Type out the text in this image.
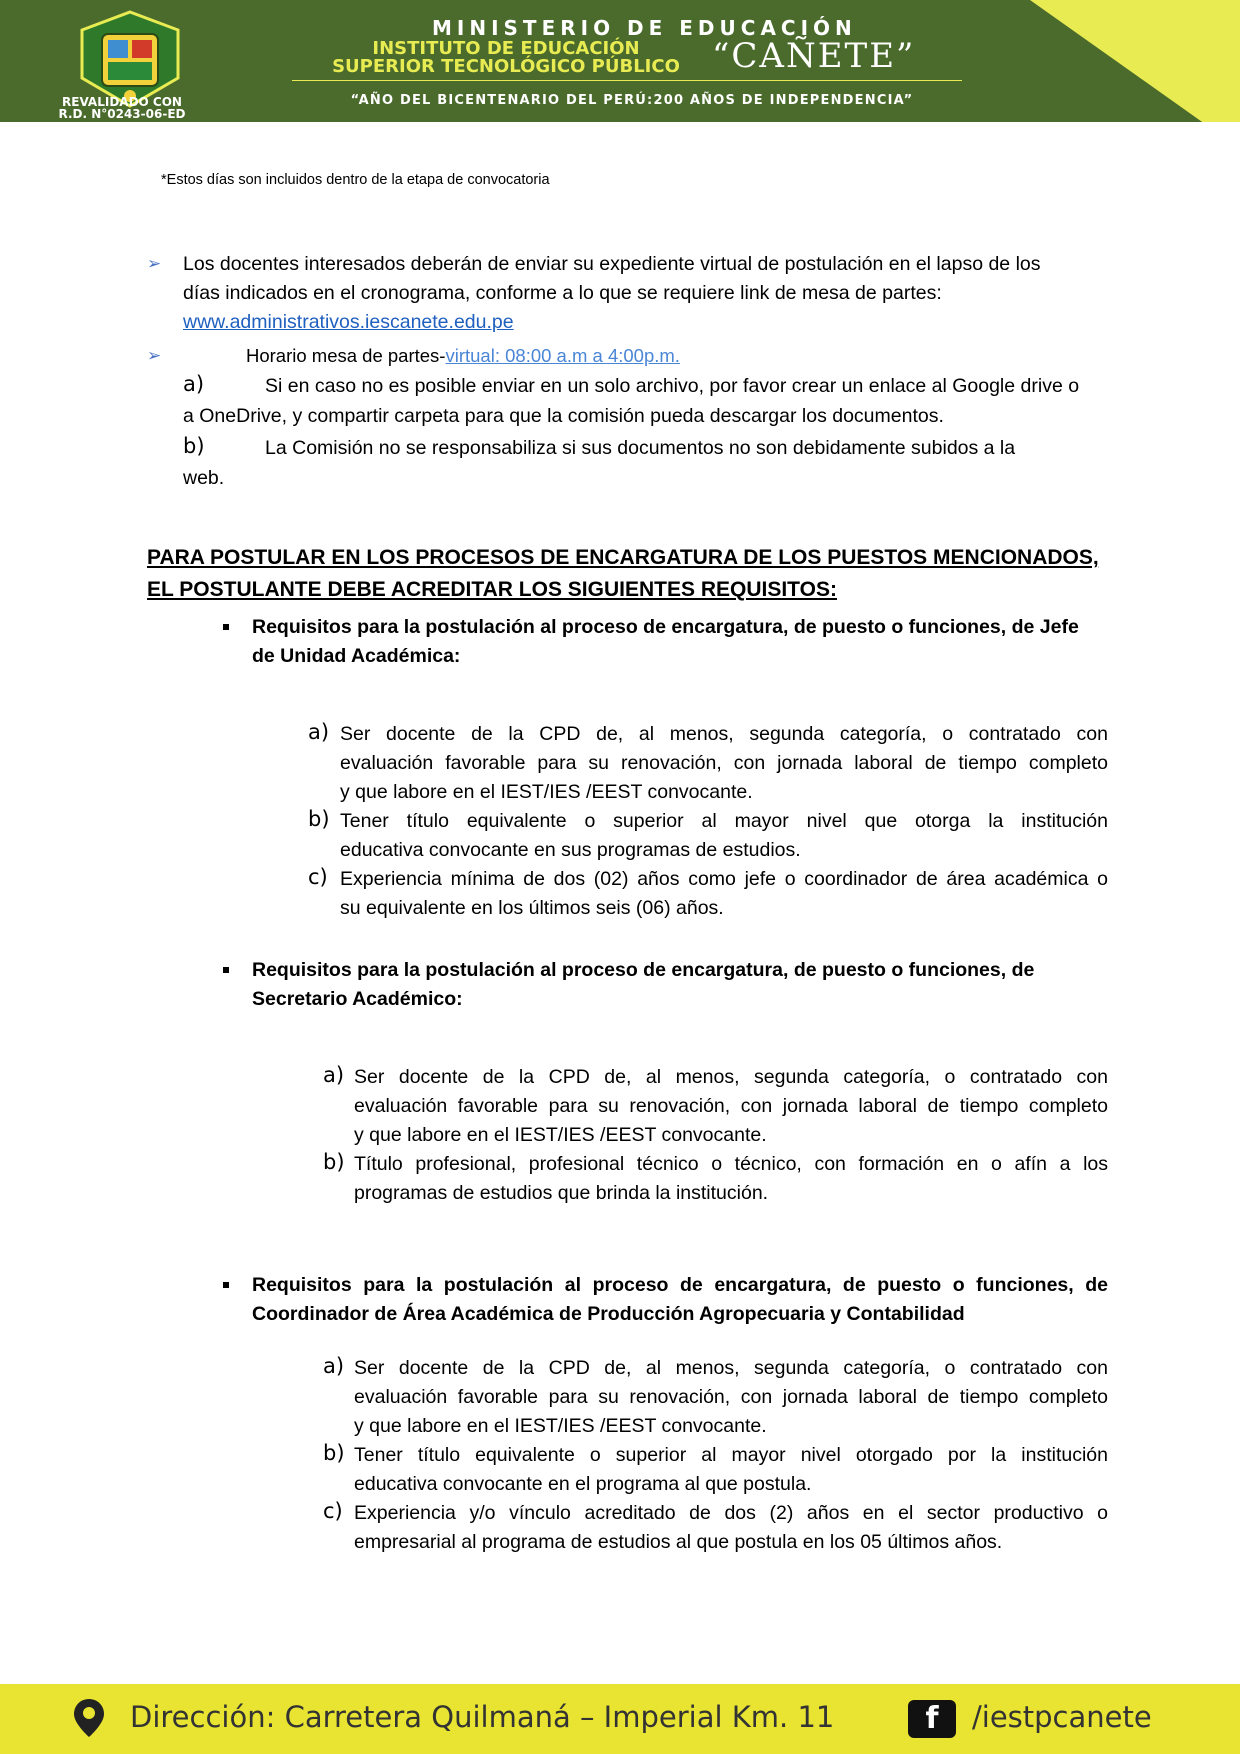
REVALIDADO CON R.D. N°0243-06-ED
MINISTERIO DE EDUCACIÓN
INSTITUTO DE EDUCACIÓN
SUPERIOR TECNOLÓGICO PÚBLICO “CAÑETE”
“AÑO DEL BICENTENARIO DEL PERÚ:200 AÑOS DE INDEPENDENCIA”
*Estos días son incluidos dentro de la etapa de convocatoria
➢ Los docentes interesados deberán de enviar su expediente virtual de postulación en el lapso de los
días indicados en el cronograma, conforme a lo que se requiere link de mesa de partes:
www.administrativos.iescanete.edu.pe
➢	Horario mesa de partes-virtual: 08:00 a.m a 4:00p.m.
a)	Si en caso no es posible enviar en un solo archivo, por favor crear un enlace al Google drive o
a OneDrive, y compartir carpeta para que la comisión pueda descargar los documentos.
b)	La Comisión no se responsabiliza si sus documentos no son debidamente subidos a la
web.
PARA POSTULAR EN LOS PROCESOS DE ENCARGATURA DE LOS PUESTOS MENCIONADOS,
EL POSTULANTE DEBE ACREDITAR LOS SIGUIENTES REQUISITOS:
Requisitos para la postulación al proceso de encargatura, de puesto o funciones, de Jefe
de Unidad Académica:
a) Ser docente de la CPD de, al menos, segunda categoría, o contratado con
evaluación favorable para su renovación, con jornada laboral de tiempo completo
y que labore en el IEST/IES /EEST convocante.
b) Tener título equivalente o superior al mayor nivel que otorga la institución
educativa convocante en sus programas de estudios.
c) Experiencia mínima de dos (02) años como jefe o coordinador de área académica o
su equivalente en los últimos seis (06) años.
Requisitos para la postulación al proceso de encargatura, de puesto o funciones, de
Secretario Académico:
a) Ser docente de la CPD de, al menos, segunda categoría, o contratado con
evaluación favorable para su renovación, con jornada laboral de tiempo completo
y que labore en el IEST/IES /EEST convocante.
b) Título profesional, profesional técnico o técnico, con formación en o afín a los
programas de estudios que brinda la institución.
Requisitos para la postulación al proceso de encargatura, de puesto o funciones, de
Coordinador de Área Académica de Producción Agropecuaria y Contabilidad
a) Ser docente de la CPD de, al menos, segunda categoría, o contratado con
evaluación favorable para su renovación, con jornada laboral de tiempo completo
y que labore en el IEST/IES /EEST convocante.
b) Tener título equivalente o superior al mayor nivel otorgado por la institución
educativa convocante en el programa al que postula.
c) Experiencia y/o vínculo acreditado de dos (2) años en el sector productivo o
empresarial al programa de estudios al que postula en los 05 últimos años.
Dirección: Carretera Quilmaná – Imperial Km. 11	f	/iestpcanete
